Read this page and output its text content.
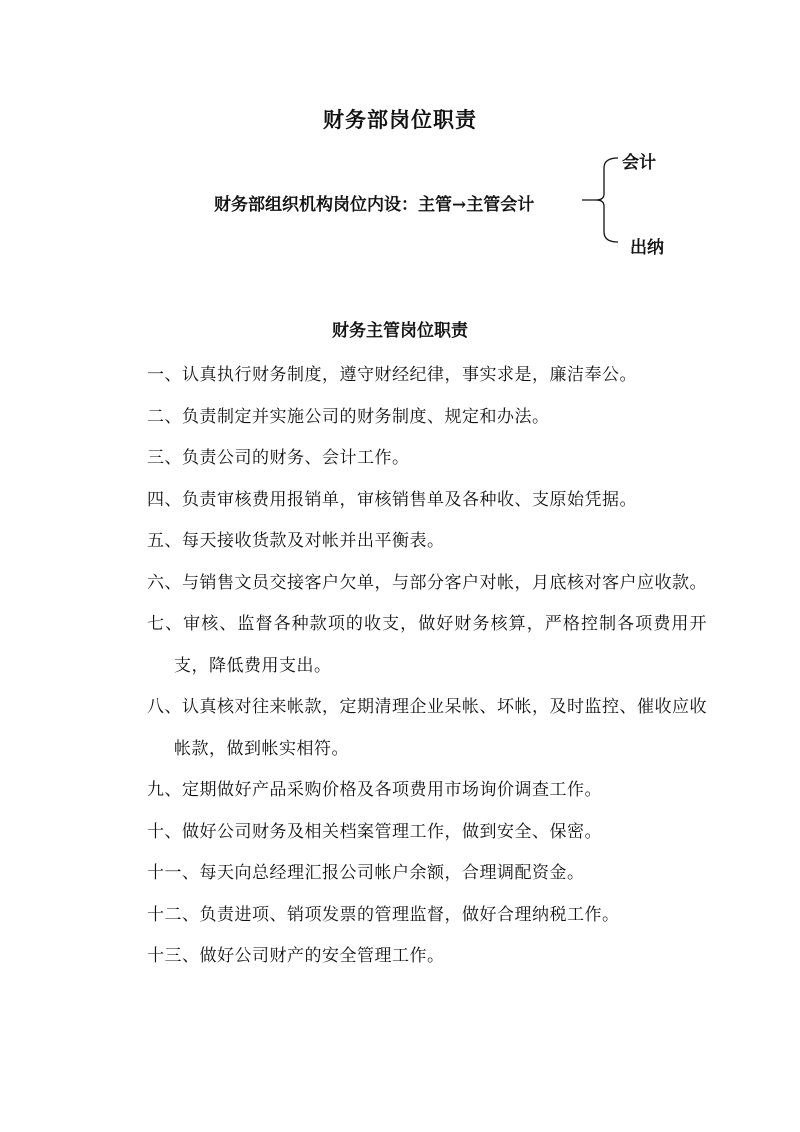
财务部岗位职责
财务部组织机构岗位内设：主管→主管会计
会计
出纳
财务主管岗位职责
一、认真执行财务制度，遵守财经纪律，事实求是，廉洁奉公。
二、负责制定并实施公司的财务制度、规定和办法。
三、负责公司的财务、会计工作。
四、负责审核费用报销单，审核销售单及各种收、支原始凭据。
五、每天接收货款及对帐并出平衡表。
六、与销售文员交接客户欠单，与部分客户对帐，月底核对客户应收款。
七、审核、监督各种款项的收支，做好财务核算，严格控制各项费用开支，降低费用支出。
八、认真核对往来帐款，定期清理企业呆帐、坏帐，及时监控、催收应收帐款，做到帐实相符。
九、定期做好产品采购价格及各项费用市场询价调查工作。
十、做好公司财务及相关档案管理工作，做到安全、保密。
十一、每天向总经理汇报公司帐户余额，合理调配资金。
十二、负责进项、销项发票的管理监督，做好合理纳税工作。
十三、做好公司财产的安全管理工作。
